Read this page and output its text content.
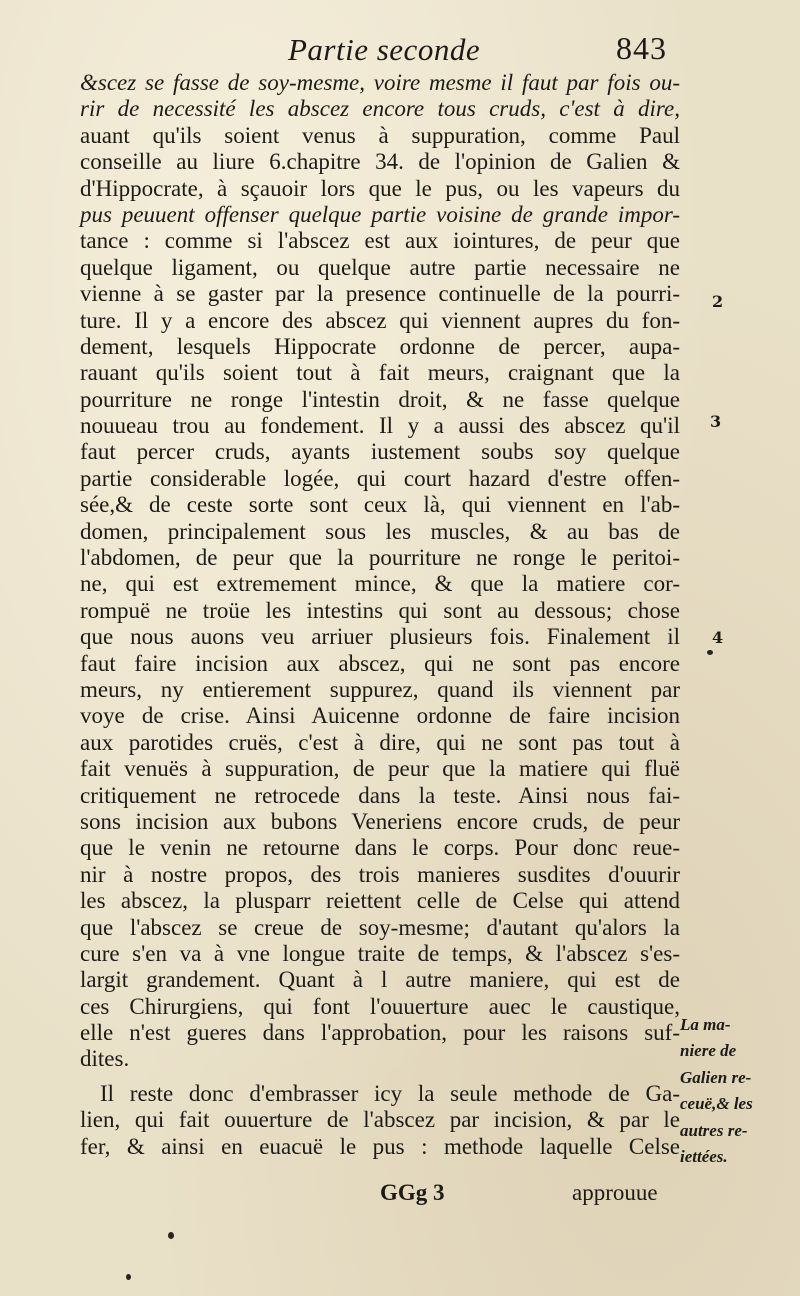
Partie seconde	843
&scez se fasse de soy-mesme, voire mesme il faut par fois ou-
rir de necessité les abscez encore tous cruds, c'est à dire,
auant qu'ils soient venus à suppuration, comme Paul
conseille au liure 6.chapitre 34. de l'opinion de Galien &
d'Hippocrate, à sçauoir lors que le pus, ou les vapeurs du
pus peuuent offenser quelque partie voisine de grande impor-
tance : comme si l'abscez est aux iointures, de peur que
quelque ligament, ou quelque autre partie necessaire ne
vienne à se gaster par la presence continuelle de la pourri-
ture. Il y a encore des abscez qui viennent aupres du fon-
dement, lesquels Hippocrate ordonne de percer, aupa-
rauant qu'ils soient tout à fait meurs, craignant que la
pourriture ne ronge l'intestin droit, & ne fasse quelque
nouueau trou au fondement. Il y a aussi des abscez qu'il
faut percer cruds, ayants iustement soubs soy quelque
partie considerable logée, qui court hazard d'estre offen-
sée,& de ceste sorte sont ceux là, qui viennent en l'ab-
domen, principalement sous les muscles, & au bas de
l'abdomen, de peur que la pourriture ne ronge le peritoi-
ne, qui est extremement mince, & que la matiere cor-
rompuë ne troüe les intestins qui sont au dessous; chose
que nous auons veu arriuer plusieurs fois. Finalement il
faut faire incision aux abscez, qui ne sont pas encore
meurs, ny entierement suppurez, quand ils viennent par
voye de crise. Ainsi Auicenne ordonne de faire incision
aux parotides cruës, c'est à dire, qui ne sont pas tout à
fait venuës à suppuration, de peur que la matiere qui fluë
critiquement ne retrocede dans la teste. Ainsi nous fai-
sons incision aux bubons Veneriens encore cruds, de peur
que le venin ne retourne dans le corps. Pour donc reue-
nir à nostre propos, des trois manieres susdites d'ouurir
les abscez, la plusparr reiettent celle de Celse qui attend
que l'abscez se creue de soy-mesme; d'autant qu'alors la
cure s'en va à vne longue traite de temps, & l'abscez s'es-
largit grandement. Quant à l autre maniere, qui est de
ces Chirurgiens, qui font l'ouuerture auec le caustique,
elle n'est gueres dans l'approbation, pour les raisons suf-
dites.
Il reste donc d'embrasser icy la seule methode de Ga-
lien, qui fait ouuerture de l'abscez par incision, & par le
fer, & ainsi en euacuë le pus : methode laquelle Celse
2
3
4
La ma-
niere de
Galien re-
ceuë,& les
autres re-
iettées.
GGg 3	approuue
